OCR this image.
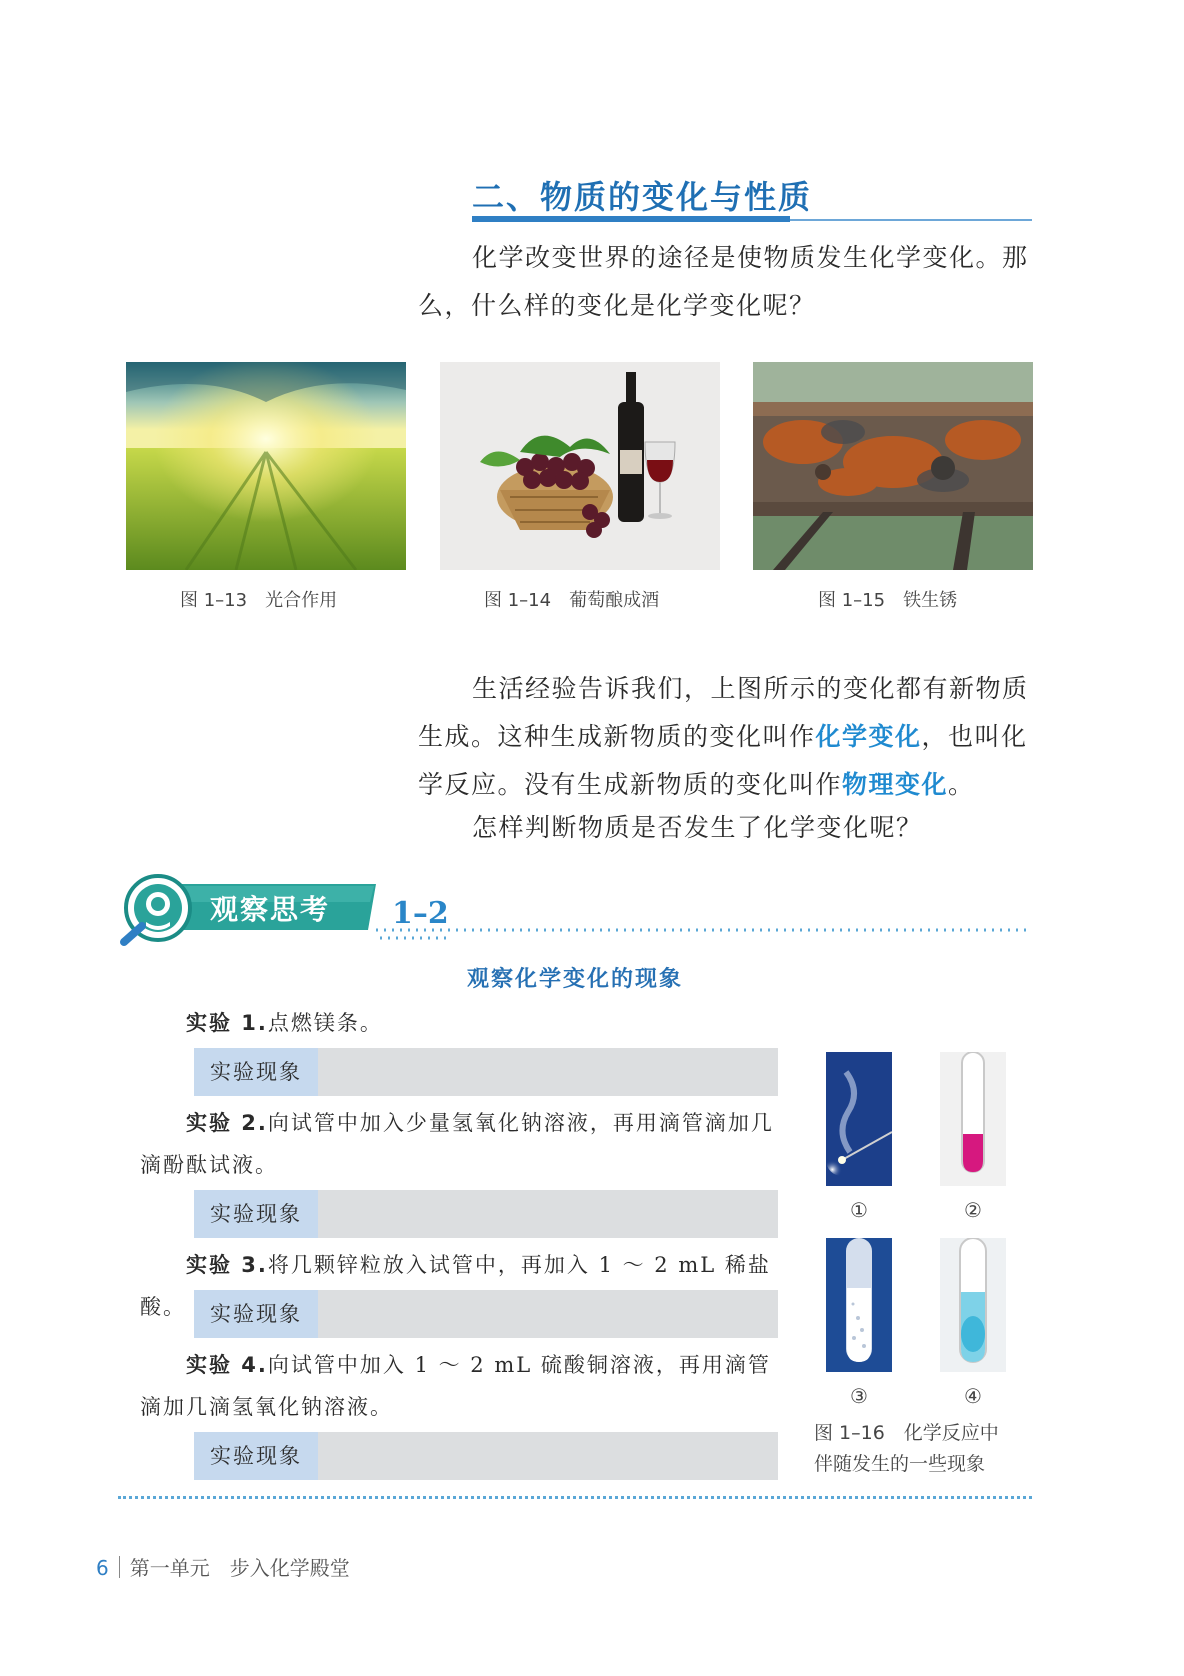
二、物质的变化与性质
化学改变世界的途径是使物质发生化学变化。那么，什么样的变化是化学变化呢？
图 1–13　光合作用	图 1–14　葡萄酿成酒	图 1–15　铁生锈
生活经验告诉我们，上图所示的变化都有新物质生成。这种生成新物质的变化叫作化学变化，也叫化学反应。没有生成新物质的变化叫作物理变化。
怎样判断物质是否发生了化学变化呢？
观察思考 1–2
观察化学变化的现象
实验 1.点燃镁条。
实验现象
实验 2.向试管中加入少量氢氧化钠溶液，再用滴管滴加几滴酚酞试液。
实验现象
实验 3.将几颗锌粒放入试管中，再加入 1 ～ 2 mL 稀盐酸。	实验现象
实验 4.向试管中加入 1 ～ 2 mL 硫酸铜溶液，再用滴管滴加几滴氢氧化钠溶液。
实验现象
①	②
③	④
图 1–16　化学反应中
伴随发生的一些现象
6 第一单元　步入化学殿堂
